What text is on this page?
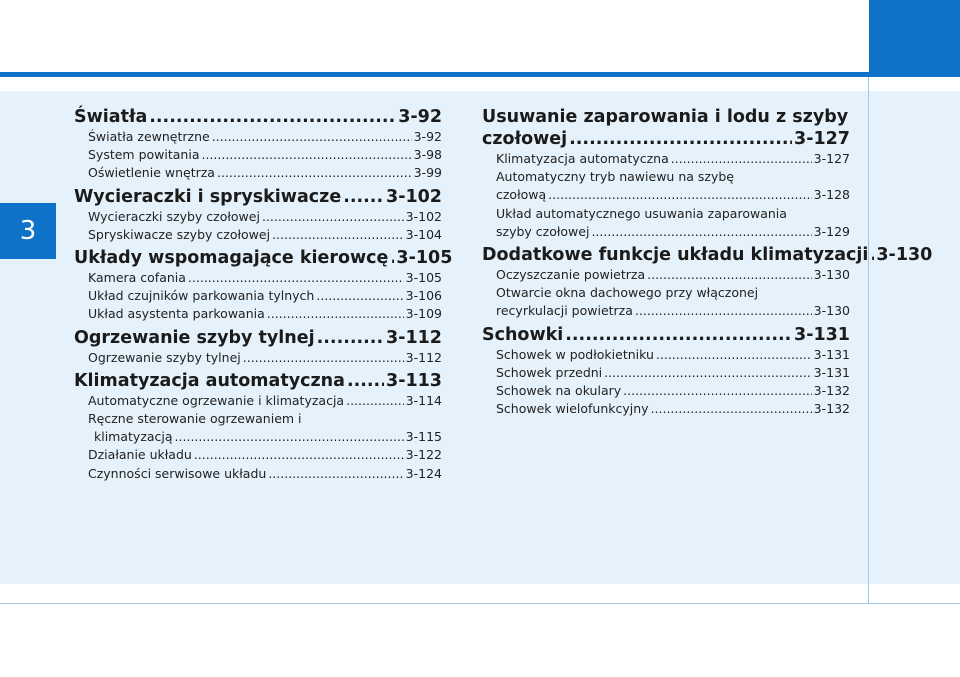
3
Światła .....	3-92
Światła zewnętrzne .....	3-92
System powitania .....	3-98
Oświetlenie wnętrza .....	3-99
Wycieraczki i spryskiwacze .....	3-102
Wycieraczki szyby czołowej .....	3-102
Spryskiwacze szyby czołowej .....	3-104
Układy wspomagające kierowcę ..... 3-105
Kamera cofania .....	3-105
Układ czujników parkowania tylnych .....	3-106
Układ asystenta parkowania .....	3-109
Ogrzewanie szyby tylnej .....	3-112
Ogrzewanie szyby tylnej .....	3-112
Klimatyzacja automatyczna ..... 3-113
Automatyczne ogrzewanie i klimatyzacja .....	3-114
Ręczne sterowanie ogrzewaniem i
klimatyzacją .....	3-115
Działanie układu .....	3-122
Czynności serwisowe układu .....	3-124
Usuwanie zaparowania i lodu z szyby
czołowej .....	3-127
Klimatyzacja automatyczna .....	3-127
Automatyczny tryb nawiewu na szybę
czołową .....	3-128
Układ automatycznego usuwania zaparowania
szyby czołowej .....	3-129
Dodatkowe funkcje układu klimatyzacji ..... 3-130
Oczyszczanie powietrza .....	3-130
Otwarcie okna dachowego przy włączonej
recyrkulacji powietrza .....	3-130
Schowki .....	3-131
Schowek w podłokietniku .....	3-131
Schowek przedni .....	3-131
Schowek na okulary .....	3-132
Schowek wielofunkcyjny .....	3-132
